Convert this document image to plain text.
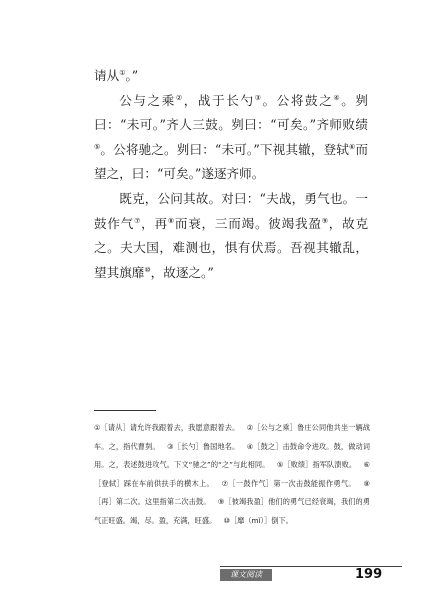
请从①。”

公与之乘②，战于长勺③。公将鼓之④。刿曰：“未可。”齐人三鼓。刿曰：“可矣。”齐师败绩⑤。公将驰之。刿曰：“未可。”下视其辙，登轼⑥而望之，曰：“可矣。”遂逐齐师。

既克，公问其故。对曰：“夫战，勇气也。一鼓作气⑦，再⑧而衰，三而竭。彼竭我盈⑨，故克之。夫大国，难测也，惧有伏焉。吾视其辙乱，望其旗靡⑩，故逐之。”

①［请从］请允许我跟着去，我愿意跟着去。 ②［公与之乘］鲁庄公同他共坐一辆战车。之，指代曹刿。 ③［长勺］鲁国地名。 ④［鼓之］击鼓命令进攻。鼓，做动词用。之，表述鼓进攻气。下文“驰之”的“之”与此相同。 ⑤［败绩］指军队溃败。 ⑥［登轼］踩在车前供扶手的横木上。 ⑦［一鼓作气］第一次击鼓能振作勇气。 ⑧［再］第二次。这里指第二次击鼓。 ⑨［彼竭我盈］他们的勇气已经衰竭，我们的勇气正旺盛。竭，尽。盈，充满，旺盛。 ⑩［靡（mǐ）］倒下。
课文阅读	199
